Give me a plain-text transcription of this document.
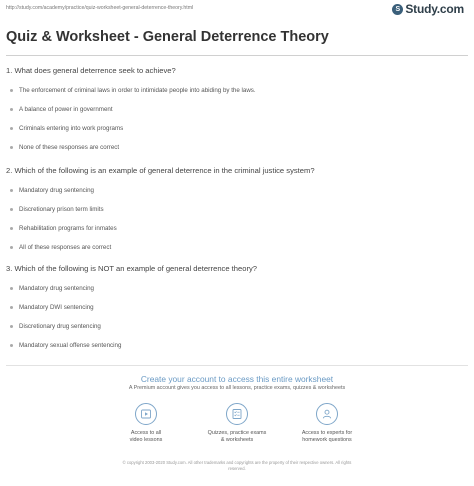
http://study.com/academy/practice/quiz-worksheet-general-deterrence-theory.html	S Study.com
Quiz & Worksheet - General Deterrence Theory
1. What does general deterrence seek to achieve?
The enforcement of criminal laws in order to intimidate people into abiding by the laws.
A balance of power in government
Criminals entering into work programs
None of these responses are correct
2. Which of the following is an example of general deterrence in the criminal justice system?
Mandatory drug sentencing
Discretionary prison term limits
Rehabilitation programs for inmates
All of these responses are correct
3. Which of the following is NOT an example of general deterrence theory?
Mandatory drug sentencing
Mandatory DWI sentencing
Discretionary drug sentencing
Mandatory sexual offense sentencing
Create your account to access this entire worksheet
A Premium account gives you access to all lessons, practice exams, quizzes & worksheets
Access to all
video lessons
Quizzes, practice exams
& worksheets
Access to experts for
homework questions
© copyright 2003-2020 Study.com. All other trademarks and copyrights are the property of their respective owners. All rights
reserved.
